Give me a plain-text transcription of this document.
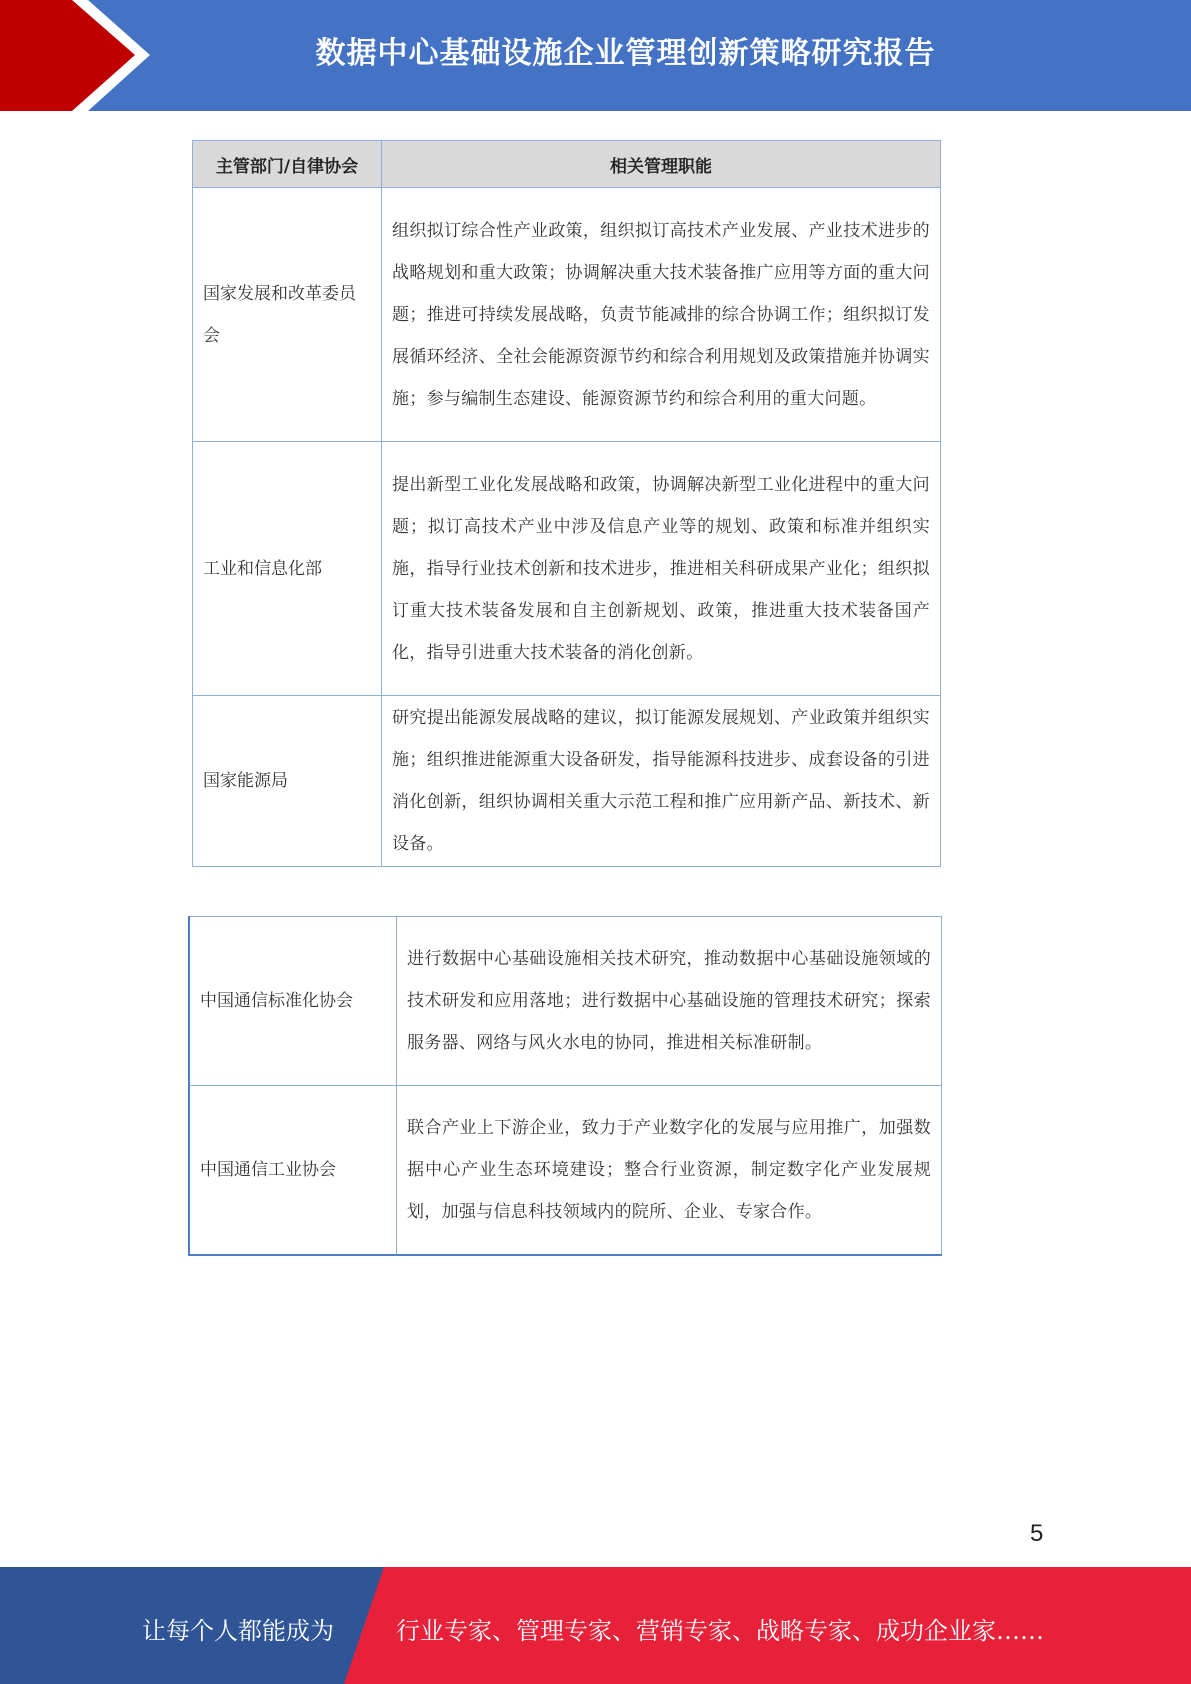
数据中心基础设施企业管理创新策略研究报告
主管部门/自律协会	相关管理职能
国家发展和改革委员会	组织拟订综合性产业政策，组织拟订高技术产业发展、产业技术进步的战略规划和重大政策；协调解决重大技术装备推广应用等方面的重大问题；推进可持续发展战略，负责节能减排的综合协调工作；组织拟订发展循环经济、全社会能源资源节约和综合利用规划及政策措施并协调实施；参与编制生态建设、能源资源节约和综合利用的重大问题。
工业和信息化部	提出新型工业化发展战略和政策，协调解决新型工业化进程中的重大问题；拟订高技术产业中涉及信息产业等的规划、政策和标准并组织实施，指导行业技术创新和技术进步，推进相关科研成果产业化；组织拟订重大技术装备发展和自主创新规划、政策，推进重大技术装备国产化，指导引进重大技术装备的消化创新。
国家能源局	研究提出能源发展战略的建议，拟订能源发展规划、产业政策并组织实施；组织推进能源重大设备研发，指导能源科技进步、成套设备的引进消化创新，组织协调相关重大示范工程和推广应用新产品、新技术、新设备。
中国通信标准化协会	进行数据中心基础设施相关技术研究，推动数据中心基础设施领域的技术研发和应用落地；进行数据中心基础设施的管理技术研究；探索服务器、网络与风火水电的协同，推进相关标准研制。
中国通信工业协会	联合产业上下游企业，致力于产业数字化的发展与应用推广，加强数据中心产业生态环境建设；整合行业资源，制定数字化产业发展规划，加强与信息科技领域内的院所、企业、专家合作。
5
让每个人都能成为	行业专家、管理专家、营销专家、战略专家、成功企业家……
